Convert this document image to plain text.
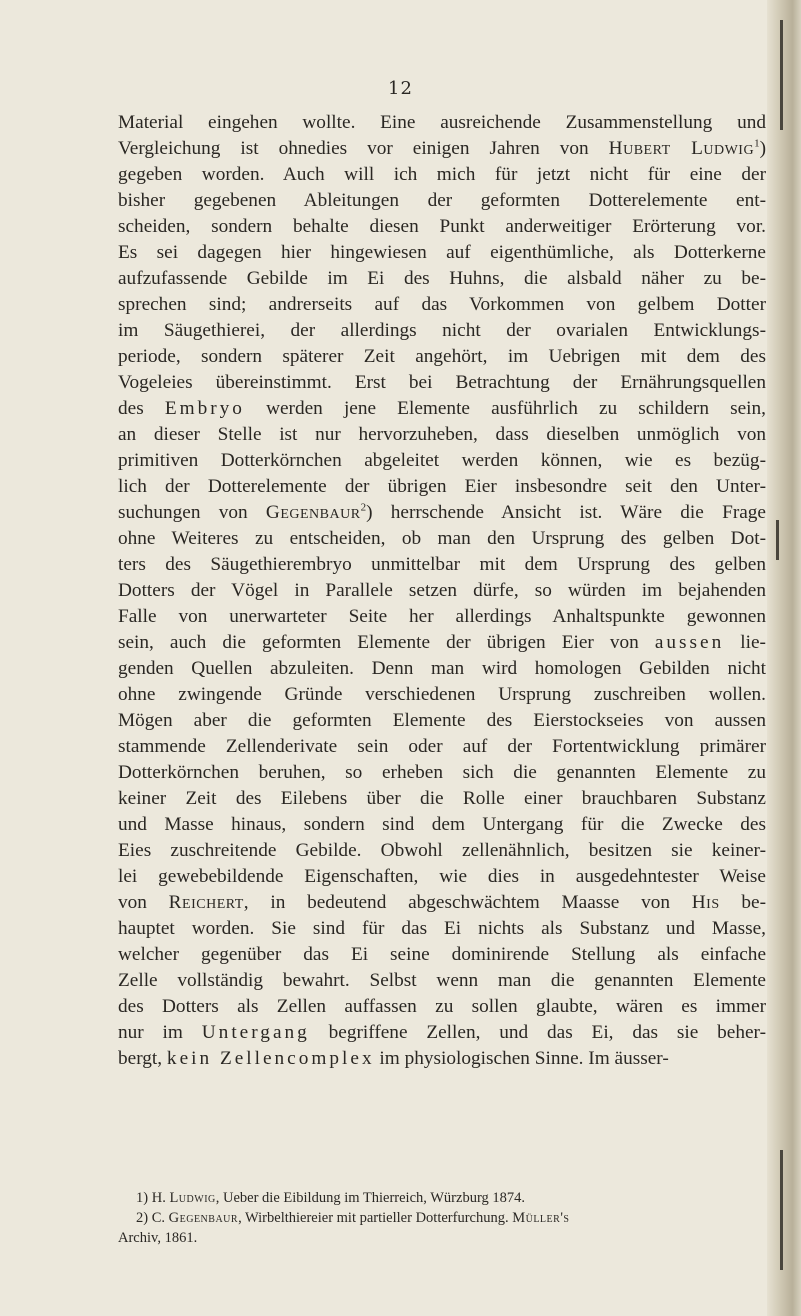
12
Material eingehen wollte. Eine ausreichende Zusammenstellung und
Vergleichung ist ohnedies vor einigen Jahren von Hubert Ludwig$^1$)
gegeben worden. Auch will ich mich für jetzt nicht für eine der
bisher gegebenen Ableitungen der geformten Dotterelemente ent-
scheiden, sondern behalte diesen Punkt anderweitiger Erörterung vor.
Es sei dagegen hier hingewiesen auf eigenthümliche, als Dotterkerne
aufzufassende Gebilde im Ei des Huhns, die alsbald näher zu be-
sprechen sind; andrerseits auf das Vorkommen von gelbem Dotter
im Säugethierei, der allerdings nicht der ovarialen Entwicklungs-
periode, sondern späterer Zeit angehört, im Uebrigen mit dem des
Vogeleies übereinstimmt. Erst bei Betrachtung der Ernährungsquellen
des Embryo werden jene Elemente ausführlich zu schildern sein,
an dieser Stelle ist nur hervorzuheben, dass dieselben unmöglich von
primitiven Dotterkörnchen abgeleitet werden können, wie es bezüg-
lich der Dotterelemente der übrigen Eier insbesondre seit den Unter-
suchungen von Gegenbaur$^2$) herrschende Ansicht ist. Wäre die Frage
ohne Weiteres zu entscheiden, ob man den Ursprung des gelben Dot-
ters des Säugethierembryo unmittelbar mit dem Ursprung des gelben
Dotters der Vögel in Parallele setzen dürfe, so würden im bejahenden
Falle von unerwarteter Seite her allerdings Anhaltspunkte gewonnen
sein, auch die geformten Elemente der übrigen Eier von aussen lie-
genden Quellen abzuleiten. Denn man wird homologen Gebilden nicht
ohne zwingende Gründe verschiedenen Ursprung zuschreiben wollen.
Mögen aber die geformten Elemente des Eierstockseies von aussen
stammende Zellenderivate sein oder auf der Fortentwicklung primärer
Dotterkörnchen beruhen, so erheben sich die genannten Elemente zu
keiner Zeit des Eilebens über die Rolle einer brauchbaren Substanz
und Masse hinaus, sondern sind dem Untergang für die Zwecke des
Eies zuschreitende Gebilde. Obwohl zellenähnlich, besitzen sie keiner-
lei gewebebildende Eigenschaften, wie dies in ausgedehntester Weise
von Reichert, in bedeutend abgeschwächtem Maasse von His be-
hauptet worden. Sie sind für das Ei nichts als Substanz und Masse,
welcher gegenüber das Ei seine dominirende Stellung als einfache
Zelle vollständig bewahrt. Selbst wenn man die genannten Elemente
des Dotters als Zellen auffassen zu sollen glaubte, wären es immer
nur im Untergang begriffene Zellen, und das Ei, das sie beher-
bergt, kein Zellencomplex im physiologischen Sinne. Im äusser-
1) H. Ludwig, Ueber die Eibildung im Thierreich, Würzburg 1874.
2) C. Gegenbaur, Wirbelthiereier mit partieller Dotterfurchung. Müller's
Archiv, 1861.
